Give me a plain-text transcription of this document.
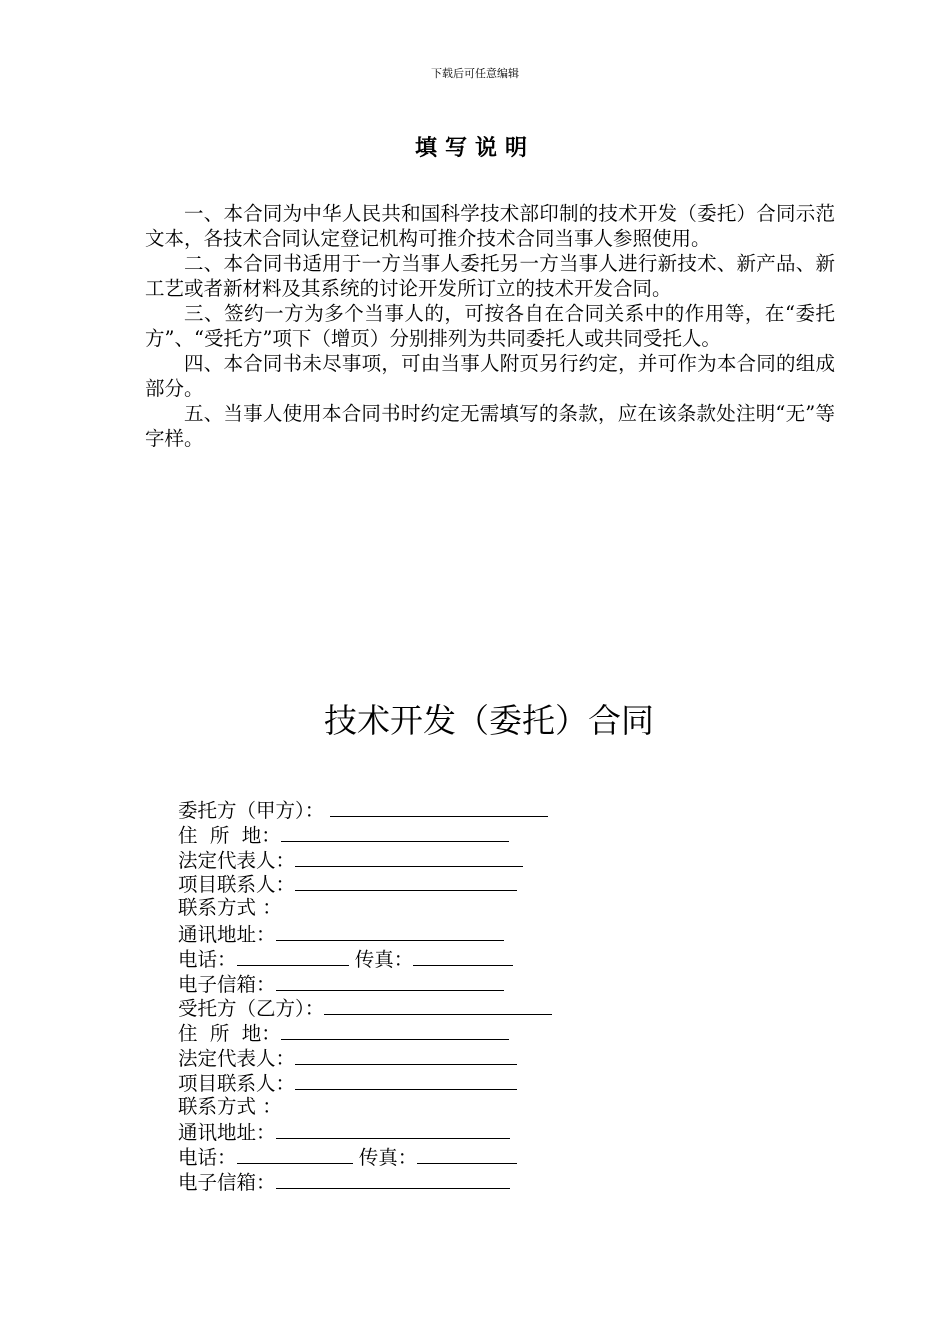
下载后可任意编辑
填写说明

一、本合同为中华人民共和国科学技术部印制的技术开发（委托）合同示范文本，各技术合同认定登记机构可推介技术合同当事人参照使用。

二、本合同书适用于一方当事人委托另一方当事人进行新技术、新产品、新工艺或者新材料及其系统的讨论开发所订立的技术开发合同。

三、签约一方为多个当事人的，可按各自在合同关系中的作用等，在“委托方”、“受托方”项下（增页）分别排列为共同委托人或共同受托人。

四、本合同书未尽事项，可由当事人附页另行约定，并可作为本合同的组成部分。

五、当事人使用本合同书时约定无需填写的条款，应在该条款处注明“无”等字样。

技术开发（委托）合同
委托方（甲方）：
住  所  地：
法定代表人：
项目联系人：
联系方式 ：
通讯地址：
电话：	传真：
电子信箱：
受托方（乙方）：
住  所  地：
法定代表人：
项目联系人：
联系方式 ：
通讯地址：
电话：	传真：
电子信箱：
